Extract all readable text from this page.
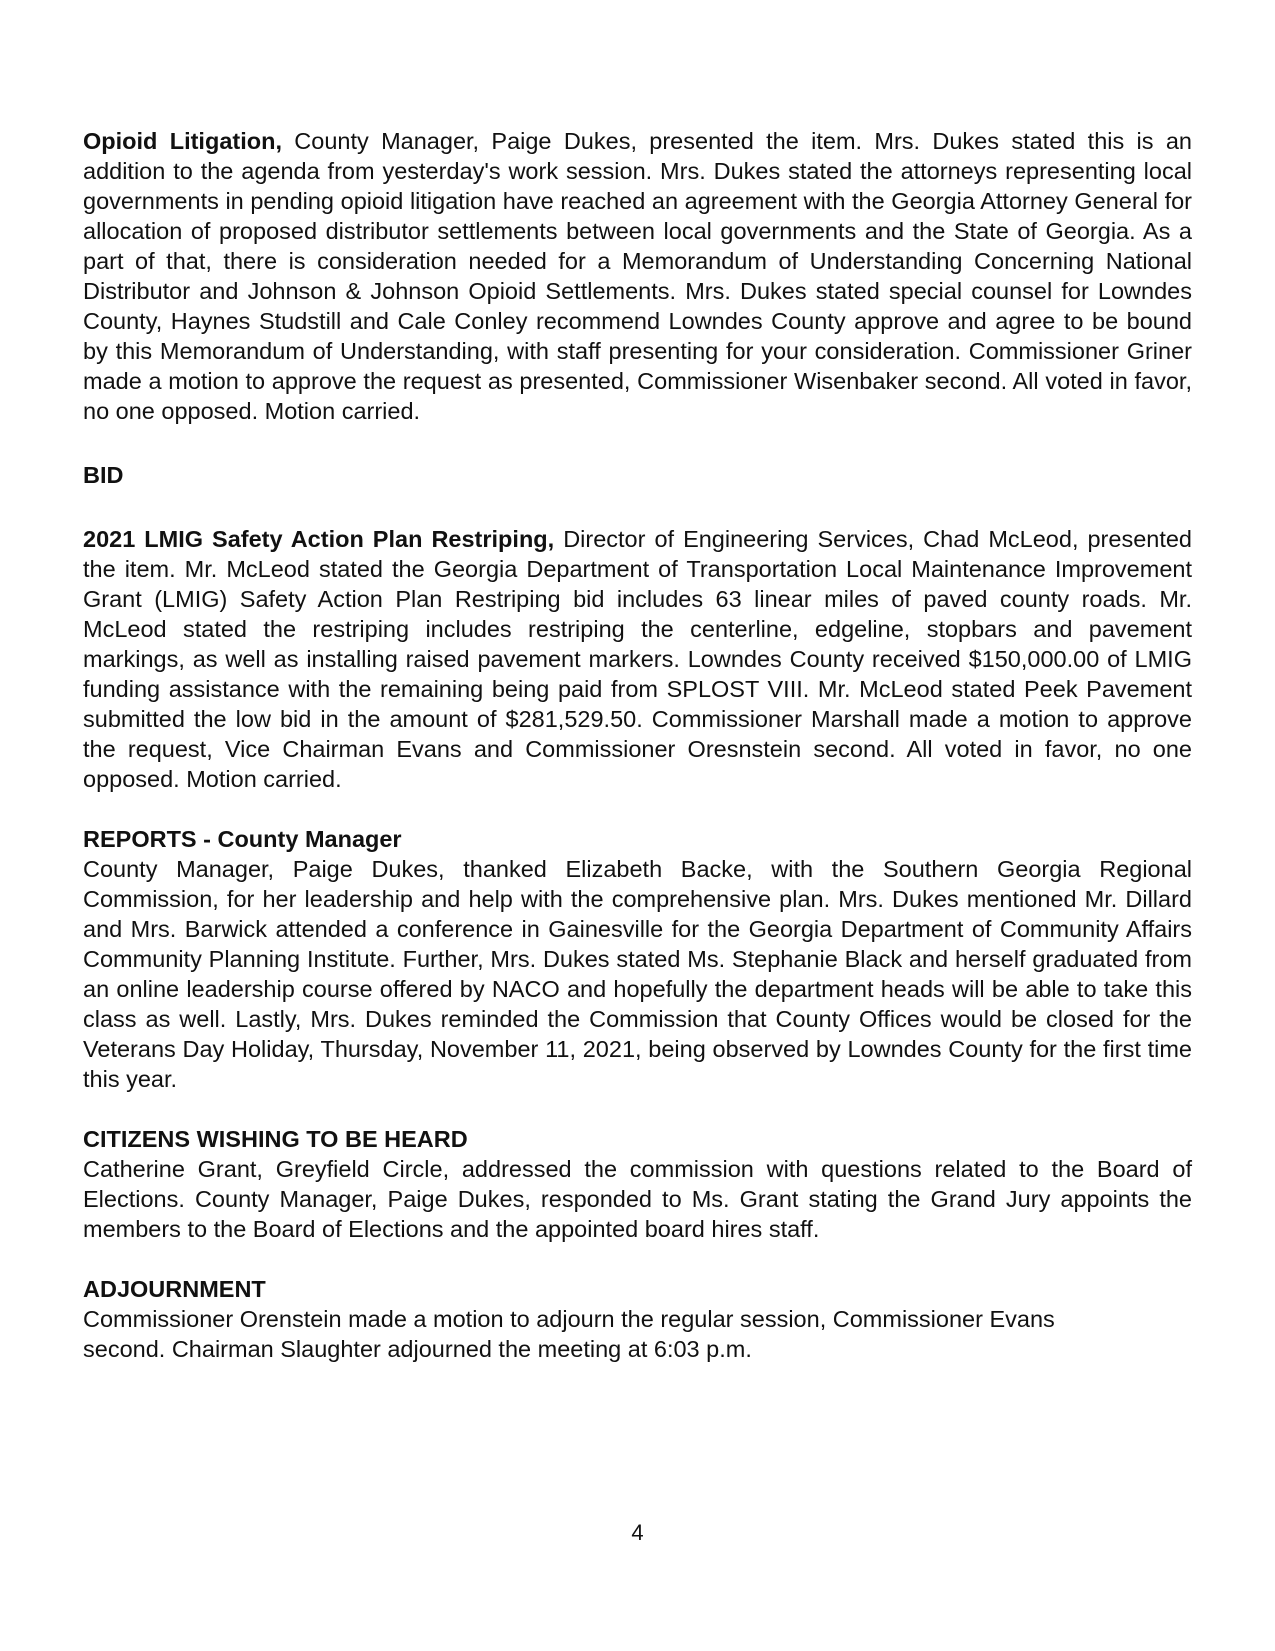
Opioid Litigation, County Manager, Paige Dukes, presented the item. Mrs. Dukes stated this is an addition to the agenda from yesterday's work session. Mrs. Dukes stated the attorneys representing local governments in pending opioid litigation have reached an agreement with the Georgia Attorney General for allocation of proposed distributor settlements between local governments and the State of Georgia. As a part of that, there is consideration needed for a Memorandum of Understanding Concerning National Distributor and Johnson & Johnson Opioid Settlements. Mrs. Dukes stated special counsel for Lowndes County, Haynes Studstill and Cale Conley recommend Lowndes County approve and agree to be bound by this Memorandum of Understanding, with staff presenting for your consideration. Commissioner Griner made a motion to approve the request as presented, Commissioner Wisenbaker second. All voted in favor, no one opposed. Motion carried.

BID

2021 LMIG Safety Action Plan Restriping, Director of Engineering Services, Chad McLeod, presented the item. Mr. McLeod stated the Georgia Department of Transportation Local Maintenance Improvement Grant (LMIG) Safety Action Plan Restriping bid includes 63 linear miles of paved county roads. Mr. McLeod stated the restriping includes restriping the centerline, edgeline, stopbars and pavement markings, as well as installing raised pavement markers. Lowndes County received $150,000.00 of LMIG funding assistance with the remaining being paid from SPLOST VIII. Mr. McLeod stated Peek Pavement submitted the low bid in the amount of $281,529.50. Commissioner Marshall made a motion to approve the request, Vice Chairman Evans and Commissioner Oresnstein second. All voted in favor, no one opposed. Motion carried.

REPORTS - County Manager

County Manager, Paige Dukes, thanked Elizabeth Backe, with the Southern Georgia Regional Commission, for her leadership and help with the comprehensive plan. Mrs. Dukes mentioned Mr. Dillard and Mrs. Barwick attended a conference in Gainesville for the Georgia Department of Community Affairs Community Planning Institute. Further, Mrs. Dukes stated Ms. Stephanie Black and herself graduated from an online leadership course offered by NACO and hopefully the department heads will be able to take this class as well. Lastly, Mrs. Dukes reminded the Commission that County Offices would be closed for the Veterans Day Holiday, Thursday, November 11, 2021, being observed by Lowndes County for the first time this year.

CITIZENS WISHING TO BE HEARD

Catherine Grant, Greyfield Circle, addressed the commission with questions related to the Board of Elections. County Manager, Paige Dukes, responded to Ms. Grant stating the Grand Jury appoints the members to the Board of Elections and the appointed board hires staff.

ADJOURNMENT
Commissioner Orenstein made a motion to adjourn the regular session, Commissioner Evans
second. Chairman Slaughter adjourned the meeting at 6:03 p.m.
4
